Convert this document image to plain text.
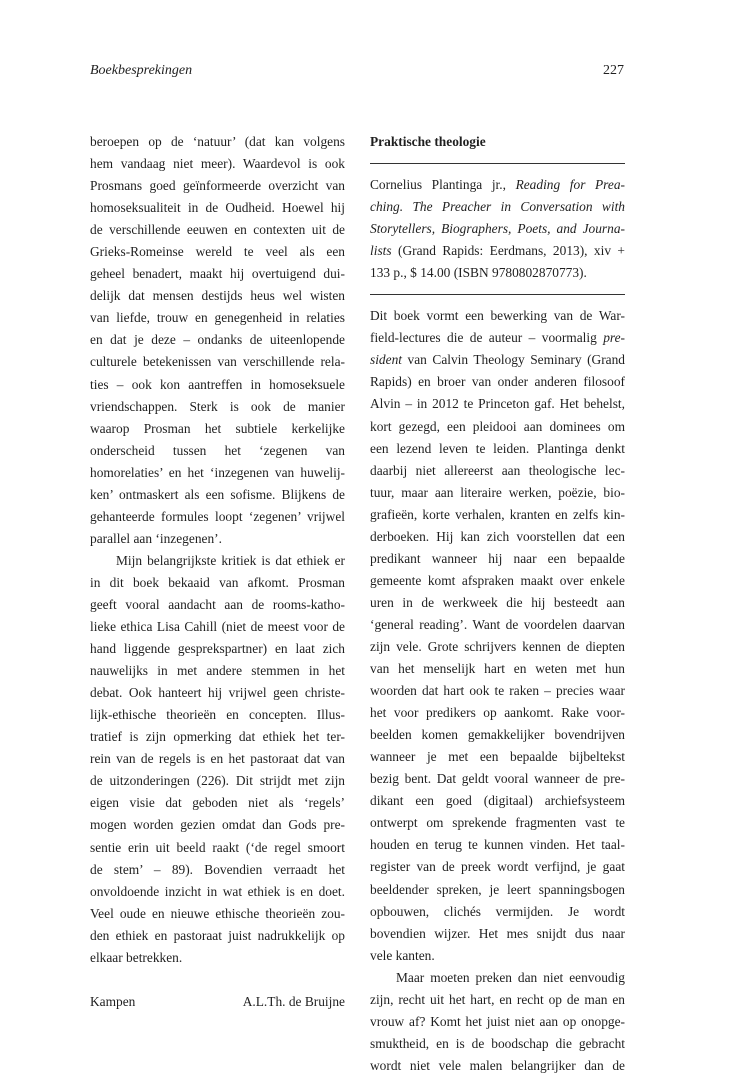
Boekbesprekingen	227
beroepen op de ‘natuur’ (dat kan volgens
hem vandaag niet meer). Waardevol is ook
Prosmans goed geïnformeerde overzicht van
homoseksualiteit in de Oudheid. Hoewel hij
de verschillende eeuwen en contexten uit de
Grieks-Romeinse wereld te veel als een
geheel benadert, maakt hij overtuigend dui-
delijk dat mensen destijds heus wel wisten
van liefde, trouw en genegenheid in relaties
en dat je deze – ondanks de uiteenlopende
culturele betekenissen van verschillende rela-
ties – ook kon aantreffen in homoseksuele
vriendschappen. Sterk is ook de manier
waarop Prosman het subtiele kerkelijke
onderscheid tussen het ‘zegenen van
homorelaties’ en het ‘inzegenen van huwelij-
ken’ ontmaskert als een sofisme. Blijkens de
gehanteerde formules loopt ‘zegenen’ vrijwel
parallel aan ‘inzegenen’.
Mijn belangrijkste kritiek is dat ethiek er
in dit boek bekaaid van afkomt. Prosman
geeft vooral aandacht aan de rooms-katho-
lieke ethica Lisa Cahill (niet de meest voor de
hand liggende gesprekspartner) en laat zich
nauwelijks in met andere stemmen in het
debat. Ook hanteert hij vrijwel geen christe-
lijk-ethische theorieën en concepten. Illus-
tratief is zijn opmerking dat ethiek het ter-
rein van de regels is en het pastoraat dat van
de uitzonderingen (226). Dit strijdt met zijn
eigen visie dat geboden niet als ‘regels’
mogen worden gezien omdat dan Gods pre-
sentie erin uit beeld raakt (‘de regel smoort
de stem’ – 89). Bovendien verraadt het
onvoldoende inzicht in wat ethiek is en doet.
Veel oude en nieuwe ethische theorieën zou-
den ethiek en pastoraat juist nadrukkelijk op
elkaar betrekken.
Kampen	A.L.Th. de Bruijne
Praktische theologie
Cornelius Plantinga jr., Reading for Prea-
ching. The Preacher in Conversation with
Storytellers, Biographers, Poets, and Journa-
lists (Grand Rapids: Eerdmans, 2013), xiv +
133 p., $ 14.00 (ISBN 9780802870773).
Dit boek vormt een bewerking van de War-
field-lectures die de auteur – voormalig pre-
sident van Calvin Theology Seminary (Grand
Rapids) en broer van onder anderen filosoof
Alvin – in 2012 te Princeton gaf. Het behelst,
kort gezegd, een pleidooi aan dominees om
een lezend leven te leiden. Plantinga denkt
daarbij niet allereerst aan theologische lec-
tuur, maar aan literaire werken, poëzie, bio-
grafieën, korte verhalen, kranten en zelfs kin-
derboeken. Hij kan zich voorstellen dat een
predikant wanneer hij naar een bepaalde
gemeente komt afspraken maakt over enkele
uren in de werkweek die hij besteedt aan
‘general reading’. Want de voordelen daarvan
zijn vele. Grote schrijvers kennen de diepten
van het menselijk hart en weten met hun
woorden dat hart ook te raken – precies waar
het voor predikers op aankomt. Rake voor-
beelden komen gemakkelijker bovendrijven
wanneer je met een bepaalde bijbeltekst
bezig bent. Dat geldt vooral wanneer de pre-
dikant een goed (digitaal) archiefsysteem
ontwerpt om sprekende fragmenten vast te
houden en terug te kunnen vinden. Het taal-
register van de preek wordt verfijnd, je gaat
beeldender spreken, je leert spanningsbogen
opbouwen, clichés vermijden. Je wordt
bovendien wijzer. Het mes snijdt dus naar
vele kanten.
Maar moeten preken dan niet eenvoudig
zijn, recht uit het hart, en recht op de man en
vrouw af? Komt het juist niet aan op onopge-
smuktheid, en is de boodschap die gebracht
wordt niet vele malen belangrijker dan de
